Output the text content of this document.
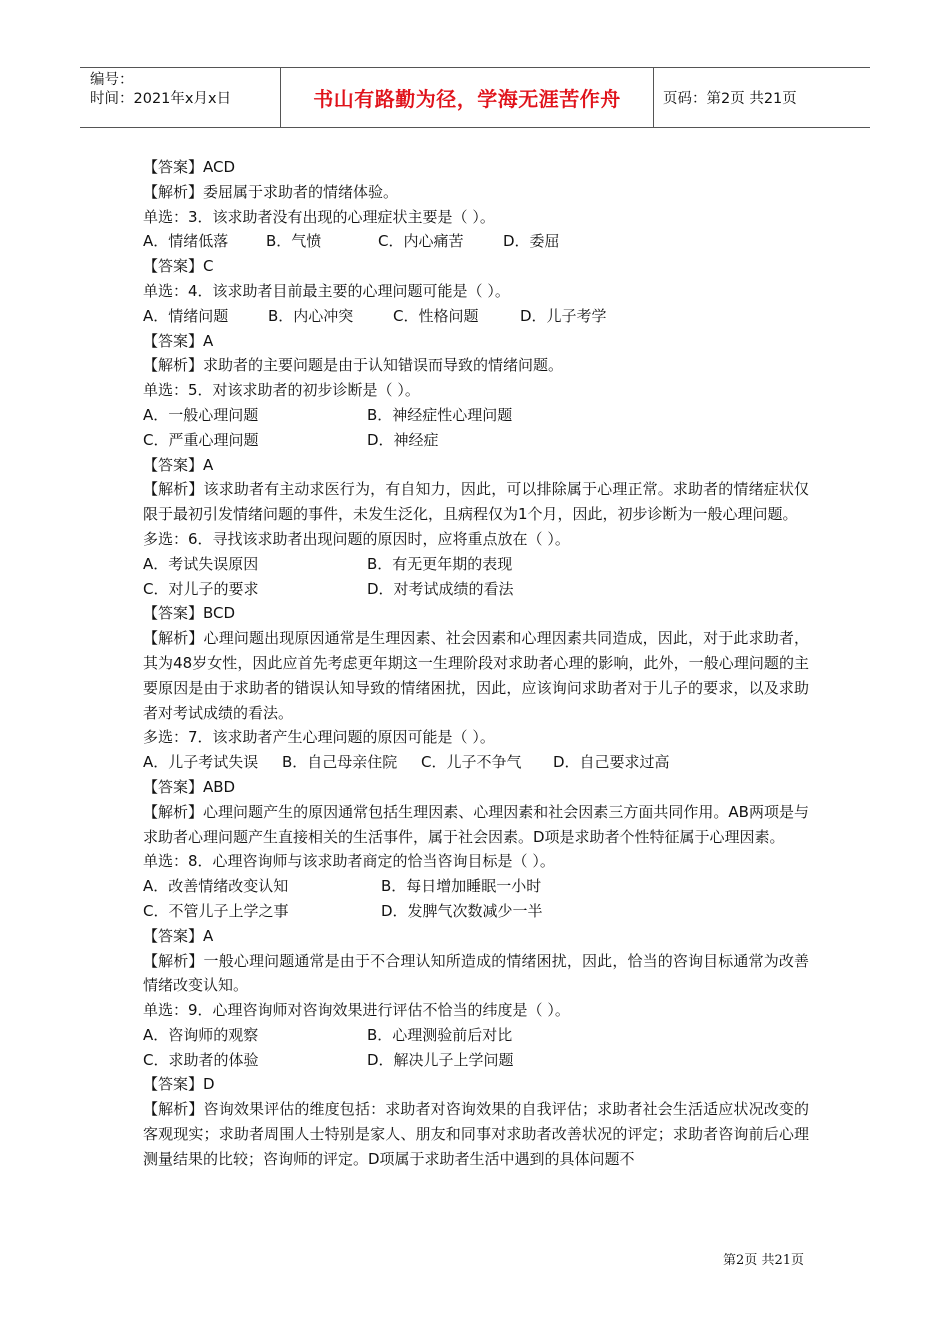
编号：
时间：2021年x月x日	书山有路勤为径，学海无涯苦作舟	页码：第2页 共21页
【答案】ACD
【解析】委屈属于求助者的情绪体验。
单选：3．该求助者没有出现的心理症状主要是（ ）。
A．情绪低落	B．气愤	C．内心痛苦	D．委屈
【答案】C
单选：4．该求助者目前最主要的心理问题可能是（ ）。
A．情绪问题	B．内心冲突	C．性格问题	D．儿子考学
【答案】A
【解析】求助者的主要问题是由于认知错误而导致的情绪问题。
单选：5．对该求助者的初步诊断是（ ）。
A．一般心理问题	B．神经症性心理问题
C．严重心理问题	D．神经症
【答案】A
【解析】该求助者有主动求医行为，有自知力，因此，可以排除属于心理正常。求助者的情绪症状仅限于最初引发情绪问题的事件，未发生泛化，且病程仅为1个月，因此，初步诊断为一般心理问题。
多选：6．寻找该求助者出现问题的原因时，应将重点放在（ ）。
A．考试失误原因	B．有无更年期的表现
C．对儿子的要求	D．对考试成绩的看法
【答案】BCD
【解析】心理问题出现原因通常是生理因素、社会因素和心理因素共同造成，因此，对于此求助者，其为48岁女性，因此应首先考虑更年期这一生理阶段对求助者心理的影响，此外，一般心理问题的主要原因是由于求助者的错误认知导致的情绪困扰，因此，应该询问求助者对于儿子的要求，以及求助者对考试成绩的看法。
多选：7．该求助者产生心理问题的原因可能是（ ）。
A．儿子考试失误	B．自己母亲住院	C．儿子不争气	D．自己要求过高
【答案】ABD
【解析】心理问题产生的原因通常包括生理因素、心理因素和社会因素三方面共同作用。AB两项是与求助者心理问题产生直接相关的生活事件，属于社会因素。D项是求助者个性特征属于心理因素。
单选：8．心理咨询师与该求助者商定的恰当咨询目标是（ ）。
A．改善情绪改变认知	B．每日增加睡眠一小时
C．不管儿子上学之事	D．发脾气次数减少一半
【答案】A
【解析】一般心理问题通常是由于不合理认知所造成的情绪困扰，因此，恰当的咨询目标通常为改善情绪改变认知。
单选：9．心理咨询师对咨询效果进行评估不恰当的纬度是（ ）。
A．咨询师的观察	B．心理测验前后对比
C．求助者的体验	D．解决儿子上学问题
【答案】D
【解析】咨询效果评估的维度包括：求助者对咨询效果的自我评估；求助者社会生活适应状况改变的客观现实；求助者周围人士特别是家人、朋友和同事对求助者改善状况的评定；求助者咨询前后心理测量结果的比较；咨询师的评定。D项属于求助者生活中遇到的具体问题不
第2页 共21页
